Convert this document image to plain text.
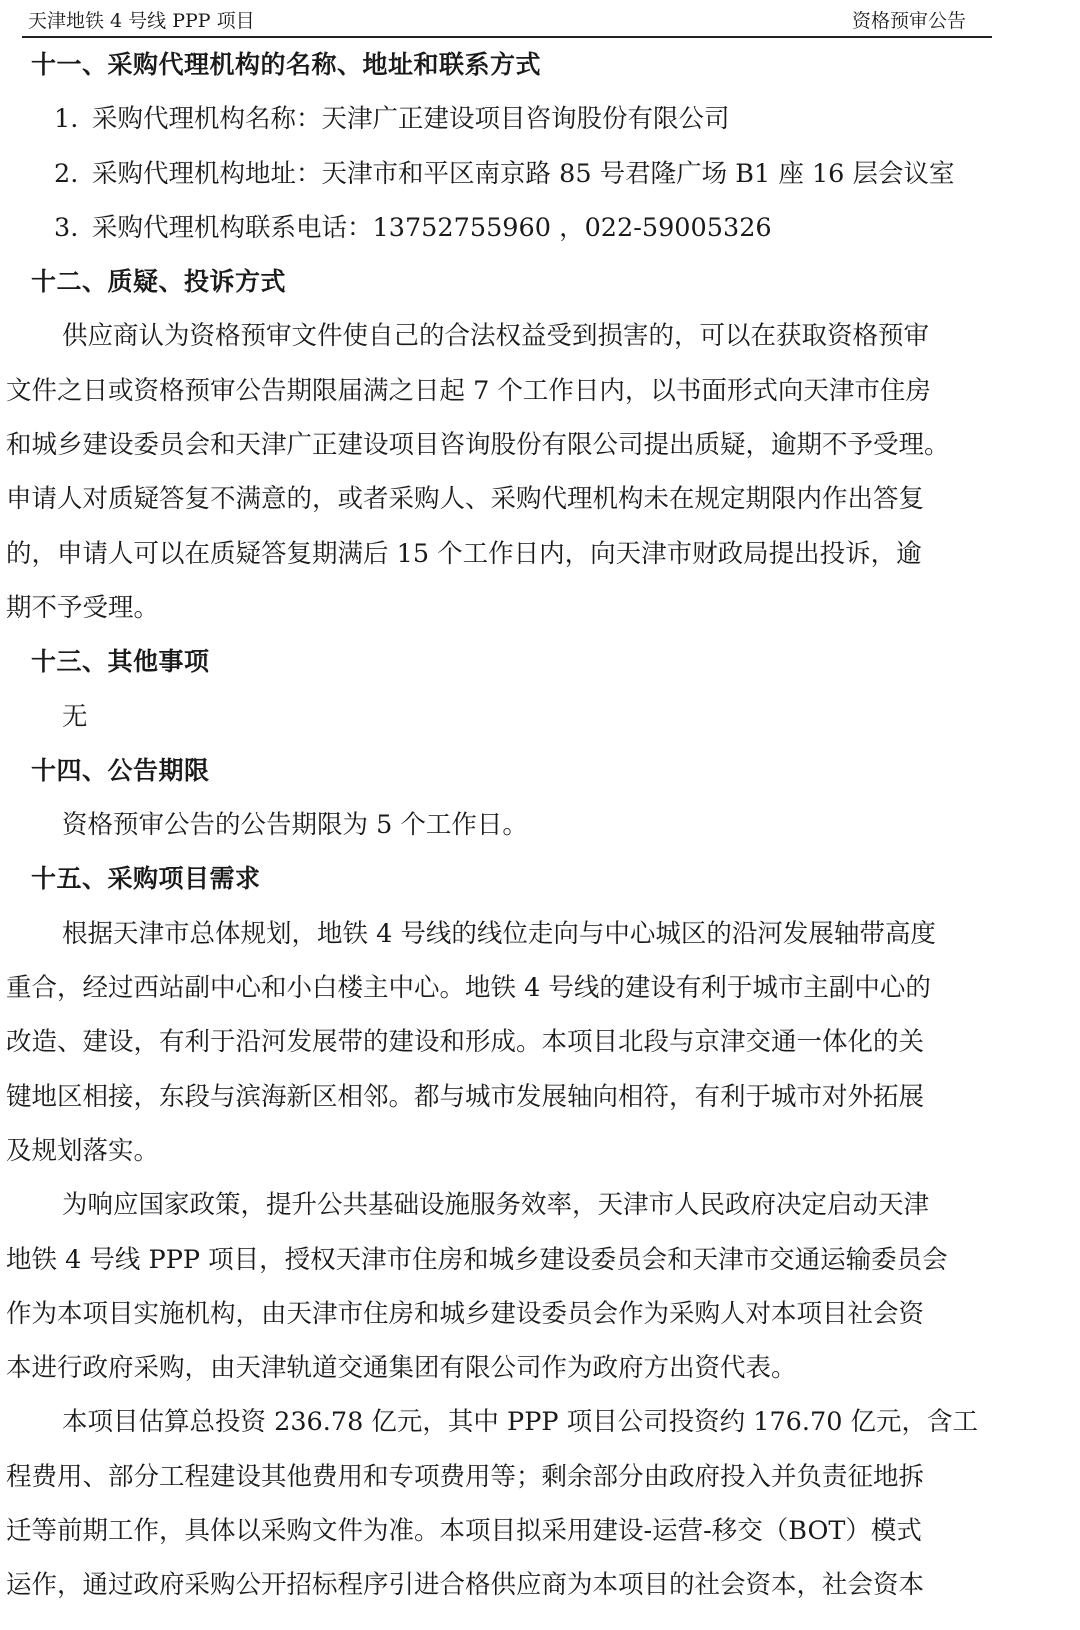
天津地铁 4 号线 PPP 项目	资格预审公告
十一、采购代理机构的名称、地址和联系方式
1. 采购代理机构名称：天津广正建设项目咨询股份有限公司
2. 采购代理机构地址：天津市和平区南京路 85 号君隆广场 B1 座 16 层会议室
3. 采购代理机构联系电话：13752755960 ，022-59005326
十二、质疑、投诉方式
供应商认为资格预审文件使自己的合法权益受到损害的，可以在获取资格预审
文件之日或资格预审公告期限届满之日起 7 个工作日内，以书面形式向天津市住房
和城乡建设委员会和天津广正建设项目咨询股份有限公司提出质疑，逾期不予受理。
申请人对质疑答复不满意的，或者采购人、采购代理机构未在规定期限内作出答复
的，申请人可以在质疑答复期满后 15 个工作日内，向天津市财政局提出投诉，逾
期不予受理。
十三、其他事项
无
十四、公告期限
资格预审公告的公告期限为 5 个工作日。
十五、采购项目需求
根据天津市总体规划，地铁 4 号线的线位走向与中心城区的沿河发展轴带高度
重合，经过西站副中心和小白楼主中心。地铁 4 号线的建设有利于城市主副中心的
改造、建设，有利于沿河发展带的建设和形成。本项目北段与京津交通一体化的关
键地区相接，东段与滨海新区相邻。都与城市发展轴向相符，有利于城市对外拓展
及规划落实。
为响应国家政策，提升公共基础设施服务效率，天津市人民政府决定启动天津
地铁 4 号线 PPP 项目，授权天津市住房和城乡建设委员会和天津市交通运输委员会
作为本项目实施机构，由天津市住房和城乡建设委员会作为采购人对本项目社会资
本进行政府采购，由天津轨道交通集团有限公司作为政府方出资代表。
本项目估算总投资 236.78 亿元，其中 PPP 项目公司投资约 176.70 亿元，含工
程费用、部分工程建设其他费用和专项费用等；剩余部分由政府投入并负责征地拆
迁等前期工作，具体以采购文件为准。本项目拟采用建设-运营-移交（BOT）模式
运作，通过政府采购公开招标程序引进合格供应商为本项目的社会资本，社会资本
